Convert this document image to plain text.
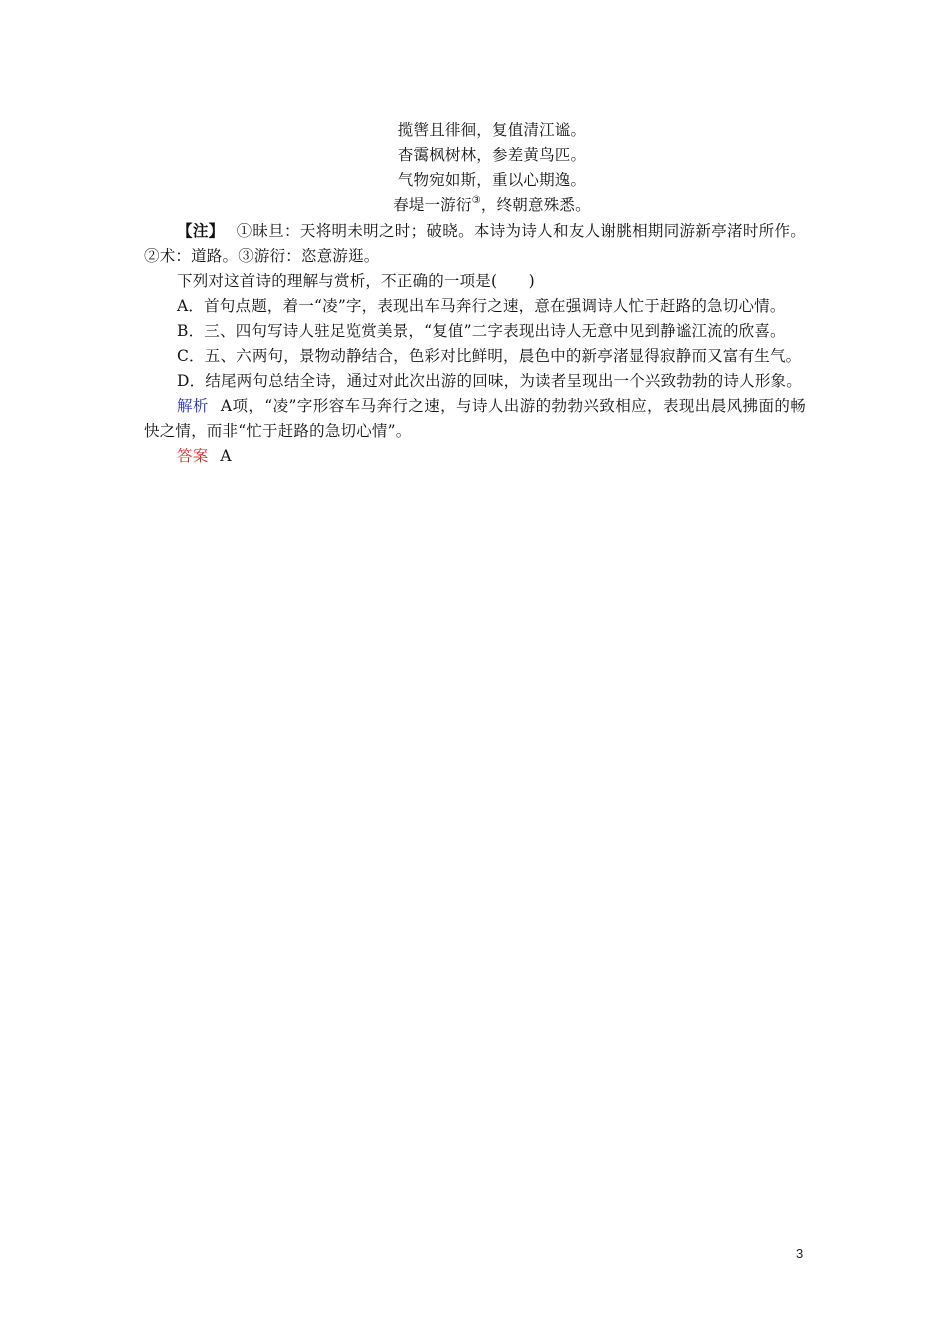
揽辔且徘徊，复值清江谧。
杳霭枫树林，参差黄鸟匹。
气物宛如斯，重以心期逸。
春堤一游衍③，终朝意殊悉。

【注】 ①昧旦：天将明未明之时；破晓。本诗为诗人和友人谢朓相期同游新亭渚时所作。②术：道路。③游衍：恣意游逛。

下列对这首诗的理解与赏析，不正确的一项是(　　)

A．首句点题，着一“凌”字，表现出车马奔行之速，意在强调诗人忙于赶路的急切心情。

B．三、四句写诗人驻足览赏美景，“复值”二字表现出诗人无意中见到静谧江流的欣喜。

C．五、六两句，景物动静结合，色彩对比鲜明，晨色中的新亭渚显得寂静而又富有生气。

D．结尾两句总结全诗，通过对此次出游的回味，为读者呈现出一个兴致勃勃的诗人形象。

解析 A项，“凌”字形容车马奔行之速，与诗人出游的勃勃兴致相应，表现出晨风拂面的畅快之情，而非“忙于赶路的急切心情”。

答案 A

3
